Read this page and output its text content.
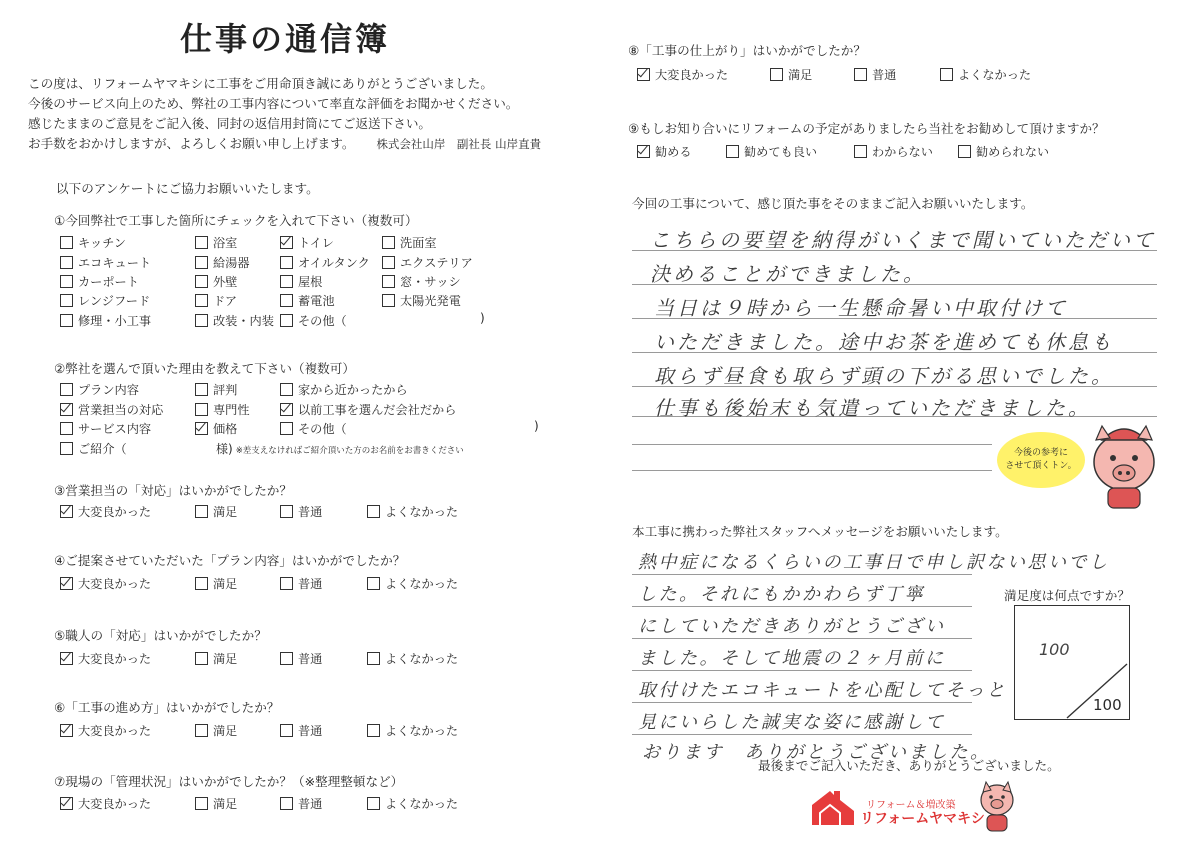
仕事の通信簿
この度は、リフォームヤマキシに工事をご用命頂き誠にありがとうございました。
今後のサービス向上のため、弊社の工事内容について率直な評価をお聞かせください。
感じたままのご意見をご記入後、同封の返信用封筒にてご返送下さい。
お手数をおかけしますが、よろしくお願い申し上げます。 株式会社山岸　副社長 山岸直貴
以下のアンケートにご協力お願いいたします。
①今回弊社で工事した箇所にチェックを入れて下さい（複数可）
)
②弊社を選んで頂いた理由を教えて下さい（複数可）
)
様) ※差支えなければご紹介頂いた方のお名前をお書きください
③営業担当の「対応」はいかがでしたか？
④ご提案させていただいた「プラン内容」はいかがでしたか？
⑤職人の「対応」はいかがでしたか？
⑥「工事の進め方」はいかがでしたか？
⑦現場の「管理状況」はいかがでしたか？（※整理整頓など）
⑧「工事の仕上がり」はいかがでしたか？
⑨もしお知り合いにリフォームの予定がありましたら当社をお勧めして頂けますか？
今回の工事について、感じ頂た事をそのままご記入お願いいたします。
こちらの要望を納得がいくまで聞いていただいて
決めることができました。
当日は９時から一生懸命暑い中取付けて
いただきました。途中お茶を進めても休息も
取らず昼食も取らず頭の下がる思いでした。
仕事も後始末も気遣っていただきました。
今後の参考に
させて頂くトン。
本工事に携わった弊社スタッフへメッセージをお願いいたします。
熱中症になるくらいの工事日で申し訳ない思いでし
した。それにもかかわらず丁寧
にしていただきありがとうござい
ました。そして地震の２ヶ月前に
取付けたエコキュートを心配してそっと
見にいらした誠実な姿に感謝して
おります　ありがとうございました。
満足度は何点ですか？
100
100
最後までご記入いただき、ありがとうございました。
リフォーム＆増改築
リフォームヤマキシ
キッチン	浴室	トイレ	洗面室
エコキュート	給湯器	オイルタンク エクステリア
カーポート	外壁	屋根	窓・サッシ
レンジフード	ドア	蓄電池	太陽光発電
修理・小工事	改装・内装 その他（
プラン内容	評判	家から近かったから
営業担当の対応	専門性	以前工事を選んだ会社だから
サービス内容	価格	その他（
ご紹介（
大変良かった	満足	普通	よくなかった
大変良かった	満足	普通	よくなかった
大変良かった	満足	普通	よくなかった
大変良かった	満足	普通	よくなかった
大変良かった	満足	普通	よくなかった
大変良かった	満足	普通	よくなかった
勧める	勧めても良い	わからない	勧められない
